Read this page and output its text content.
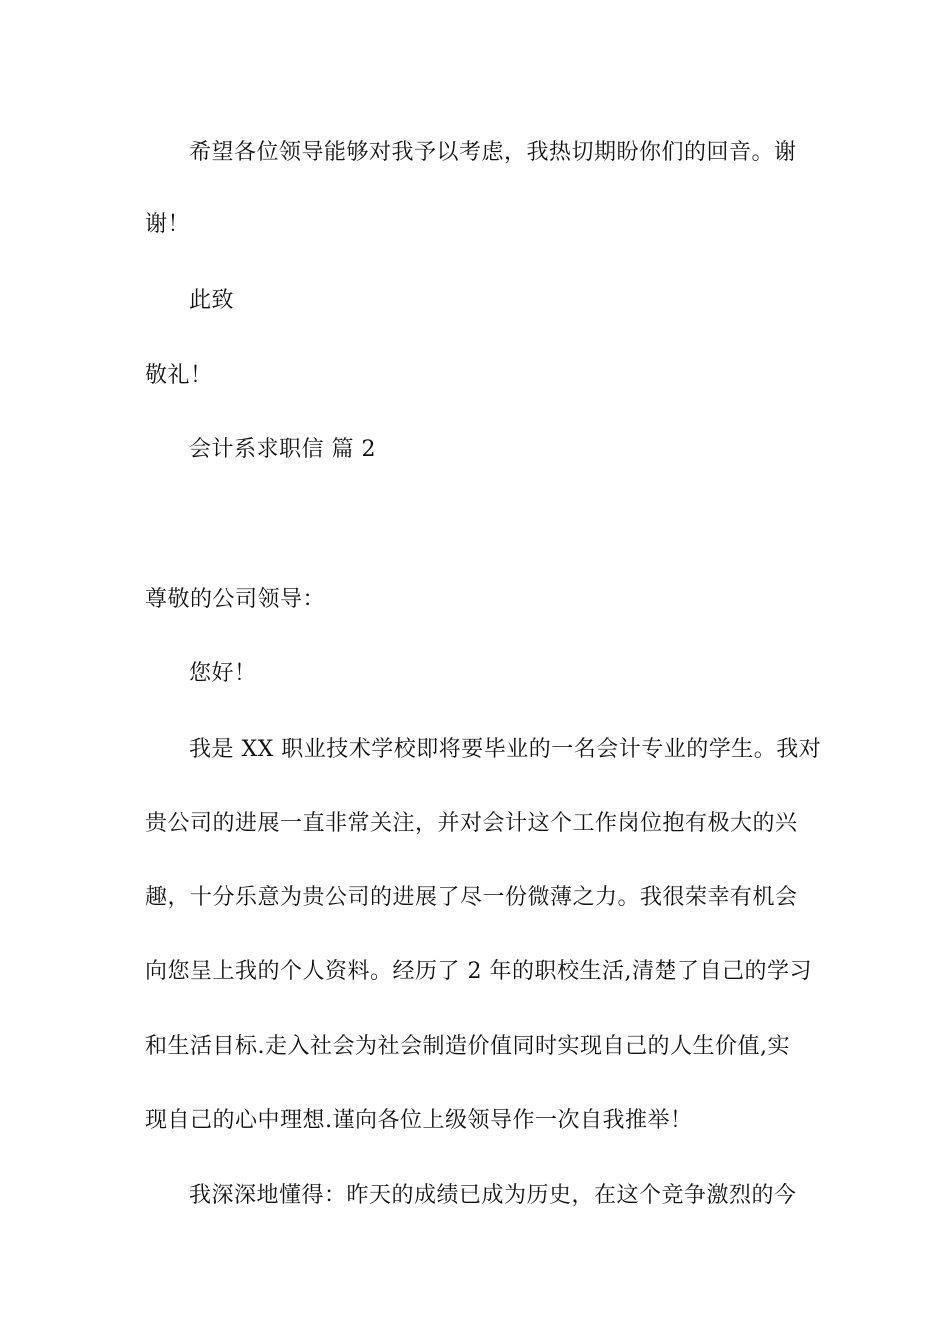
希望各位领导能够对我予以考虑，我热切期盼你们的回音。谢
谢！
此致
敬礼！
会计系求职信 篇 2
尊敬的公司领导：
您好！
我是 XX 职业技术学校即将要毕业的一名会计专业的学生。我对
贵公司的进展一直非常关注，并对会计这个工作岗位抱有极大的兴
趣，十分乐意为贵公司的进展了尽一份微薄之力。我很荣幸有机会
向您呈上我的个人资料。经历了 2 年的职校生活,清楚了自己的学习
和生活目标.走入社会为社会制造价值同时实现自己的人生价值,实
现自己的心中理想.谨向各位上级领导作一次自我推举！
我深深地懂得：昨天的成绩已成为历史，在这个竞争激烈的今
